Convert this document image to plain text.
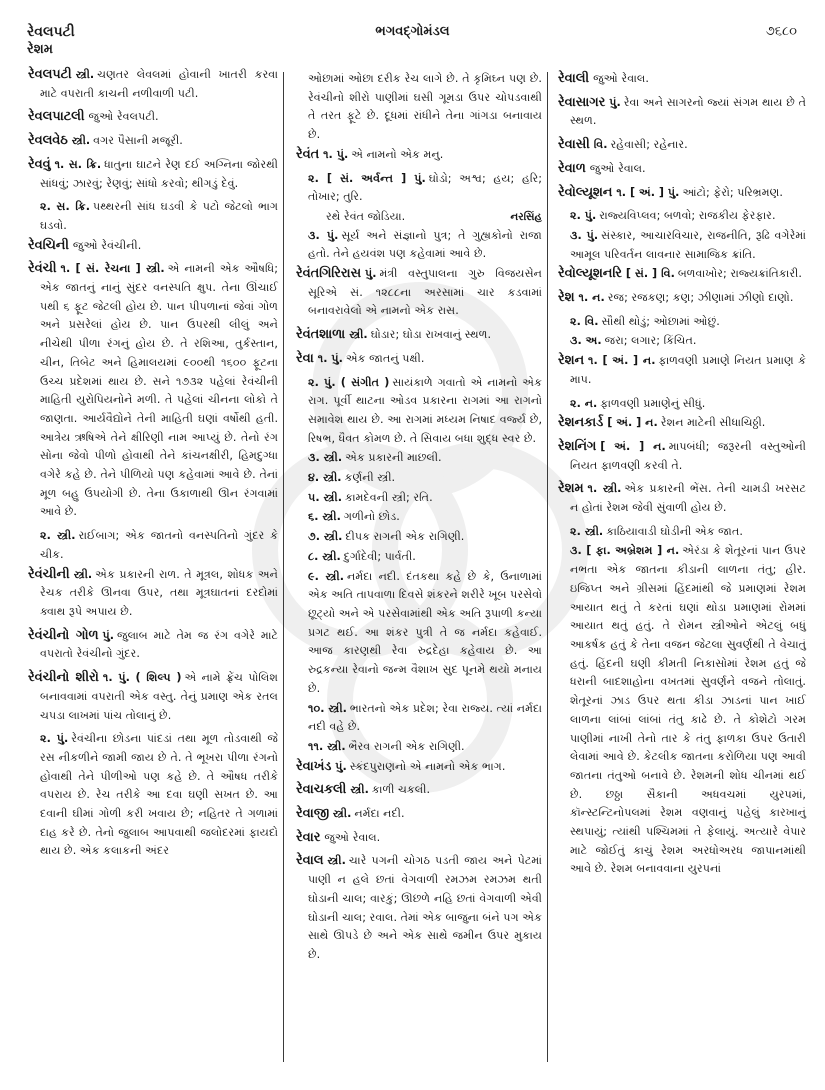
રેવલપટી
રેશમ
ભગવદ્ગોમંડલ	૭૬૮૦

રેવલપટી સ્ત્રી. ચણતર લેવલમાં હોવાની ખાતરી કરવા માટે વપરાતી કાચની નળીવાળી પટી.

રેવલપાટલી જુઓ રેવલપટી.

રેવલવેઠ સ્ત્રી. વગર પૈસાની મજૂરી.

રેવવું ૧. સ. ક્રિ. ધાતુના ઘાટને રેણ દઈ અગ્નિના જોરથી સાંધવું; ઝારવું; રેણવું; સાંધો કરવો; થીગડું દેવું.

૨. સ. ક્રિ. પથ્થરની સાંધ ઘડવી કે પટો જેટલો ભાગ ઘડવો.

રેવચિની જુઓ રેવંચીની.

રેવંચી ૧. [ સં. રેચના ] સ્ત્રી. એ નામની એક ઔષધિ; એક જાતનું નાનું સુંદર વનસ્પતિ ક્ષુપ. તેના ઊંચાઈ પથી ૬ ફૂટ જેટલી હોય છે. પાન પીપળાનાં જેવાં ગોળ અને પ્રસરેલાં હોય છે. પાન ઉપરથી લીલું અને નીચેથી પીળા રંગનું હોય છે. તે રશિઆ, તુર્કસ્તાન, ચીન, તિબેટ અને હિમાલયમાં ૯૦૦થી ૧૬૦૦ ફૂટના ઉચ્ચ પ્રદેશમાં થાય છે. સને ૧૭૩૨ પહેલાં રેવંચીની માહિતી યુરોપિયનોને મળી. તે પહેલાં ચીનના લોકો તે જાણતા. આર્યવૈદ્યોને તેની માહિતી ઘણાં વર્ષોથી હતી. આત્રેય ઋષિએ તેને ક્ષીરિણી નામ આપ્યું છે. તેનો રંગ સોના જેવો પીળો હોવાથી તેને કાંચનક્ષીરી, હિમદુગ્ધા વગેરે કહે છે. તેને પીળિયો પણ કહેવામાં આવે છે. તેનાં મૂળ બહુ ઉપયોગી છે. તેના ઉકાળાથી ઊન રંગવામાં આવે છે.

૨. સ્ત્રી. રાઈબાગ; એક જાતનો વનસ્પતિનો ગુંદર કે ચીક.

રેવંચીની સ્ત્રી. એક પ્રકારની રાળ. તે મૂત્રલ, શોધક અને રેચક તરીકે ઊનવા ઉપર, તથા મૂત્રઘાતનાં દરદોમાં ક્વાથ રૂપે અપાય છે.

રેવંચીનો ગોળ પું. જુલાબ માટે તેમ જ રંગ વગેરે માટે વપરાતો રેવંચીનો ગુંદર.

રેવંચીનો શીરો ૧. પું. ( શિલ્પ ) એ નામે ફ્રેંચ પોલિશ બનાવવામાં વપરાતી એક વસ્તુ. તેનું પ્રમાણ એક રતલ ચપડા લાખમાં પાંચ તોલાનું છે.

૨. પું. રેવંચીના છોડના પાંદડાં તથા મૂળ તોડવાથી જે રસ નીકળીને જામી જાય છે તે. તે ભૂખરા પીળા રંગનો હોવાથી તેને પીળીઓ પણ કહે છે. તે ઔષધ તરીકે વપરાય છે. રેચ તરીકે આ દવા ઘણી સખત છે. આ દવાની ઘીમાં ગોળી કરી ખવાય છે; નહિતર તે ગળામાં દાહ કરે છે. તેનો જુલાબ આપવાથી જલોદરમાં ફાયદો થાય છે. એક કલાકની અંદર

ઓછામાં ઓછા દરીક રેચ લાગે છે. તે કૃમિઘ્ન પણ છે. રેવંચીનો શીરો પાણીમાં ઘસી ગૂમડા ઉપર ચોપડવાથી તે તરત ફૂટે છે. દૂધમાં રાંધીને તેના ગાંગડા બનાવાય છે.

રેવંત ૧. પું. એ નામનો એક મનુ.

૨. [ સં. અર્વન્ત ] પું. ઘોડો; અશ્વ; હય; હરિ; તોખાર; તુરિ.

રથે રેવંત જોડિયા.	નરસિંહ

૩. પું. સૂર્ય અને સંજ્ઞાનો પુત્ર; તે ગુહ્યકોનો રાજા હતો. તેને હયવંશ પણ કહેવામાં આવે છે.

રેવંતગિરિરાસ પું. મંત્રી વસ્તુપાલના ગુરુ વિજયસેન સૂરિએ સં. ૧૨૮૮ના અરસામાં ચાર કડવામાં બનાવરાવેલો એ નામનો એક રાસ.

રેવંતશાળા સ્ત્રી. ઘોડાર; ઘોડા રાખવાનું સ્થળ.

રેવા ૧. પું. એક જાતનું પક્ષી.

૨. પું. ( સંગીત ) સાયંકાળે ગવાતો એ નામનો એક રાગ. પૂર્વી થાટના ઓડવ પ્રકારના રાગમાં આ રાગનો સમાવેશ થાય છે. આ રાગમાં મધ્યમ નિષાદ વર્જ્ય છે, રિષભ, ધૈવત કોમળ છે. તે સિવાય બધા શુદ્ધ સ્વર છે.

૩. સ્ત્રી. એક પ્રકારની માછલી.

૪. સ્ત્રી. કર્ણની સ્ત્રી.

૫. સ્ત્રી. કામદેવની સ્ત્રી; રતિ.

૬. સ્ત્રી. ગળીનો છોડ.

૭. સ્ત્રી. દીપક રાગની એક રાગિણી.

૮. સ્ત્રી. દુર્ગાદેવી; પાર્વતી.

૯. સ્ત્રી. નર્મદા નદી. દંતકથા કહે છે કે, ઉનાળામાં એક અતિ તાપવાળા દિવસે શંકરને શરીરે ખૂબ પરસેવો છૂટ્યો અને એ પરસેવામાંથી એક અતિ રૂપાળી કન્યા પ્રગટ થઈ. આ શંકર પુત્રી તે જ નર્મદા કહેવાઈ. આજ કારણથી રેવા રુદ્રદેહા કહેવાય છે. આ રુદ્રકન્યા રેવાનો જન્મ વૈશાખ સુદ પૂનમે થયો મનાય છે.

૧૦. સ્ત્રી. ભારતનો એક પ્રદેશ; રેવા રાજ્ય. ત્યાં નર્મદા નદી વહે છે.

૧૧. સ્ત્રી. ભૈરવ રાગની એક રાગિણી.

રેવાખંડ પું. સ્કંદપુરાણનો એ નામનો એક ભાગ.

રેવાચકલી સ્ત્રી. કાળી ચકલી.

રેવાજી સ્ત્રી. નર્મદા નદી.

રેવાર જુઓ રેવાલ.

રેવાલ સ્ત્રી. ચારે પગની ચોગઠ પડતી જાય અને પેટમાં પાણી ન હલે છતાં વેગવાળી રમઝમ રમઝમ થતી ઘોડાની ચાલ; વારકું; ઊછળે નહિ છતાં વેગવાળી એવી ઘોડાની ચાલ; રવાલ. તેમાં એક બાજુના બંને પગ એક સાથે ઊપડે છે અને એક સાથે જમીન ઉપર મુકાય છે.

રેવાલી જુઓ રેવાલ.

રેવાસાગર પું. રેવા અને સાગરનો જ્યાં સંગમ થાય છે તે સ્થળ.

રેવાસી વિ. રહેવાસી; રહેનાર.

રેવાળ જુઓ રેવાલ.

રેવોલ્યૂશન ૧. [ અં. ] પું. આંટો; ફેરો; પરિભ્રમણ.

૨. પું. રાજ્યવિપ્લવ; બળવો; રાજકીય ફેરફાર.

૩. પું. સંસ્કાર, આચારવિચાર, રાજનીતિ, રૂઢિ વગેરેમાં આમૂલ પરિવર્તન લાવનાર સામાજિક ક્રાંતિ.

રેવોલ્યૂશનરિ [ સં. ] વિ. બળવાખોર; રાજ્યક્રાંતિકારી.

રેશ ૧. ન. રજ; રજકણ; કણ; ઝીણામાં ઝીણો દાણો.

૨. વિ. સૌથી થોડું; ઓછામાં ઓછું.

૩. અ. જરા; લગાર; કિંચિત.

રેશન ૧. [ અં. ] ન. ફાળવણી પ્રમાણે નિયત પ્રમાણ કે માપ.

૨. ન. ફાળવણી પ્રમાણેનું સીધું.

રેશનકાર્ડ [ અં. ] ન. રેશન માટેની સીધાચિઠ્ઠી.

રેશનિંગ [ અં. ] ન. માપબંધી; જરૂરની વસ્તુઓની નિયત ફાળવણી કરવી તે.

રેશમ ૧. સ્ત્રી. એક પ્રકારની ભેંસ. તેની ચામડી ખરસટ ન હોતાં રેશમ જેવી સુંવાળી હોય છે.

૨. સ્ત્રી. કાઠિયાવાડી ઘોડીની એક જાત.

૩. [ ફા. અબ્રેશમ ] ન. એરંડા કે શેતૂરનાં પાન ઉપર નભતા એક જાતના કીડાની લાળના તંતુ; હીર. ઇજિપ્ત અને ગ્રીસમાં હિંદમાંથી જે પ્રમાણમાં રેશમ આયાત થતું તે કરતાં ઘણાં થોડા પ્રમાણમાં રોમમાં આયાત થતું હતું. તે રોમન સ્ત્રીઓને એટલું બધું આકર્ષક હતું કે તેના વજન જેટલા સુવર્ણથી તે વેચાતું હતું. હિંદની ઘણી કીમતી નિકાસોમાં રેશમ હતું જે ધરાની બાદશાહોના વખતમાં સુવર્ણને વજને તોલાતું. શેતૂરનાં ઝાડ ઉપર થતા કીડા ઝાડનાં પાન ખાઈ લાળના લાંબાં લાંબાં તંતુ કાઢે છે. તે કોશેટો ગરમ પાણીમાં નાખી તેનો તાર કે તંતુ ફાળકા ઉપર ઉતારી લેવામાં આવે છે. કેટલીક જાતના કરોળિયા પણ આવી જાતના તંતુઓ બનાવે છે. રેશમની શોધ ચીનમાં થઈ છે. છઠ્ઠા સૈકાની અધવચમાં યુરપમાં, કૉન્સ્ટન્ટિનોપલમાં રેશમ વણવાનું પહેલું કારખાનું સ્થપાયું; ત્યાંથી પશ્ચિમમાં તે ફેલાયું. અત્યારે વેપાર માટે જોઈતું કાચું રેશમ અરધોઅરધ જાપાનમાંથી આવે છે. રેશમ બનાવવાના યુરપનાં
